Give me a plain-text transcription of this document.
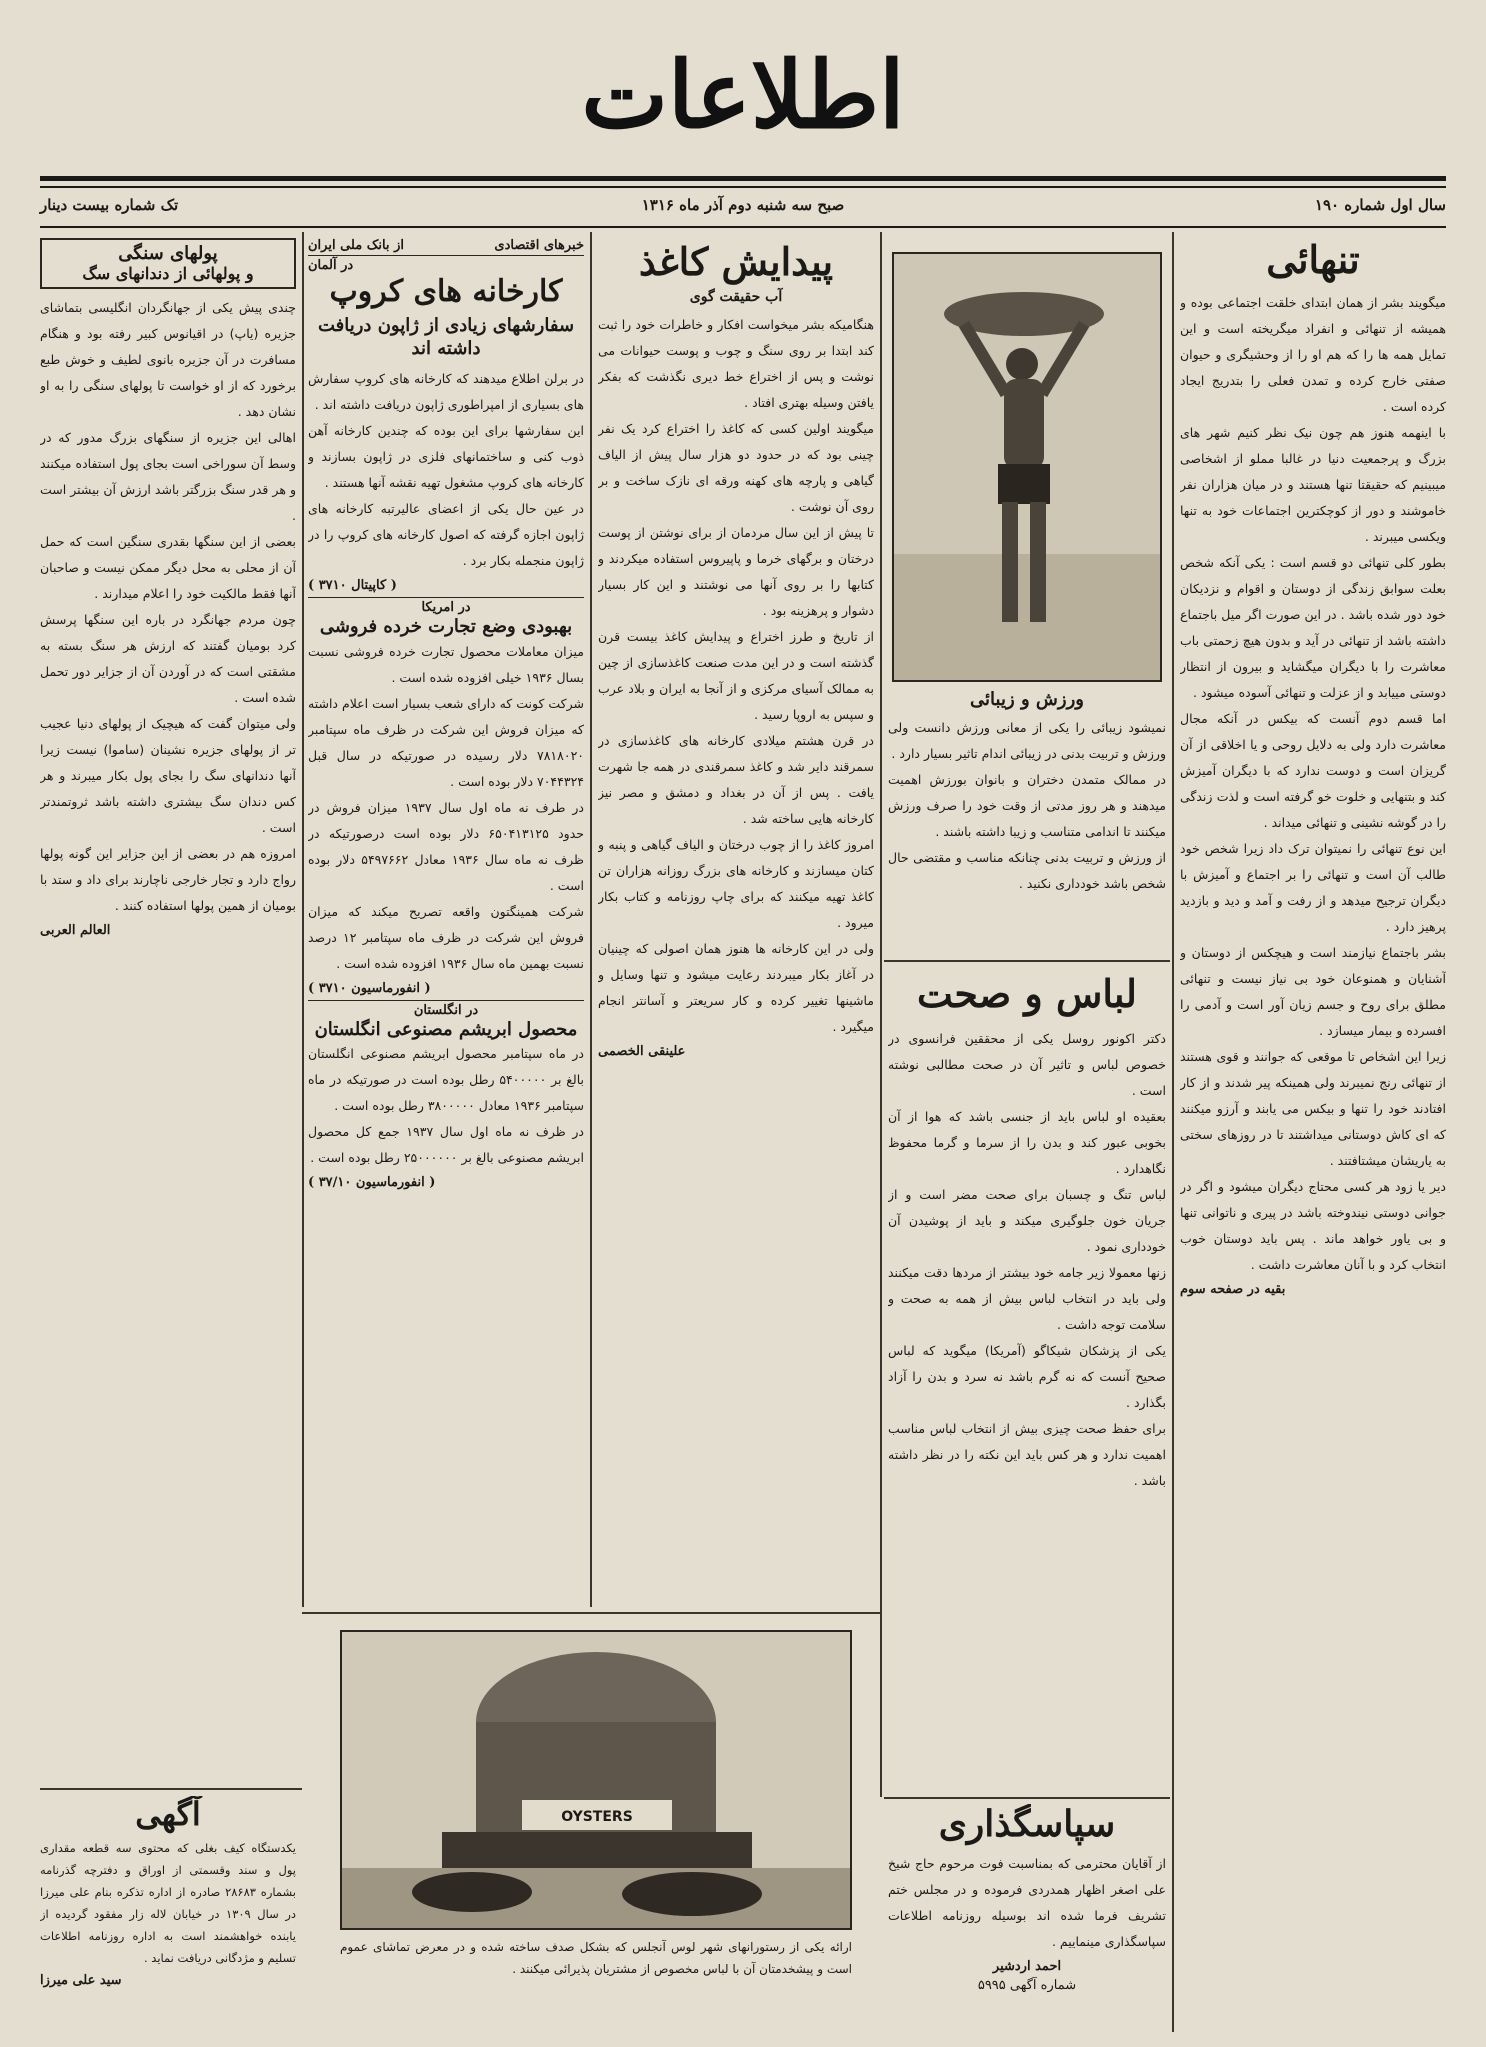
اطلاعات
سال اول شماره ۱۹۰
صبح سه شنبه دوم آذر ماه ۱۳۱۶
تک شماره بیست دینار
تنهائی
میگویند بشر از همان ابتدای خلقت اجتماعی بوده و همیشه از تنهائی و انفراد میگریخته است و این تمایل همه ها را که هم او را از وحشیگری و حیوان صفتی خارج کرده و تمدن فعلی را بتدریج ایجاد کرده است .
با اینهمه هنوز هم چون نیک نظر کنیم شهر های بزرگ و پرجمعیت دنیا در غالبا مملو از اشخاصی میبینیم که حقیقتا تنها هستند و در میان هزاران نفر خاموشند و دور از کوچکترین اجتماعات خود به تنها ویکسی میبرند .
بطور کلی تنهائی دو قسم است : یکی آنکه شخص بعلت سوابق زندگی از دوستان و اقوام و نزدیکان خود دور شده باشد . در این صورت اگر میل باجتماع داشته باشد از تنهائی در آید و بدون هیچ زحمتی باب معاشرت را با دیگران میگشاید و بیرون از انتظار دوستی مییابد و از عزلت و تنهائی آسوده میشود .
اما قسم دوم آنست که بیکس در آنکه مجال معاشرت دارد ولی به دلایل روحی و یا اخلاقی از آن گریزان است و دوست ندارد که با دیگران آمیزش کند و بتنهایی و خلوت خو گرفته است و لذت زندگی را در گوشه نشینی و تنهائی میداند .
این نوع تنهائی را نمیتوان ترک داد زیرا شخص خود طالب آن است و تنهائی را بر اجتماع و آمیزش با دیگران ترجیح میدهد و از رفت و آمد و دید و بازدید پرهیز دارد .
بشر باجتماع نیازمند است و هیچکس از دوستان و آشنایان و همنوعان خود بی نیاز نیست و تنهائی مطلق برای روح و جسم زیان آور است و آدمی را افسرده و بیمار میسازد .
زیرا این اشخاص تا موقعی که جوانند و قوی هستند از تنهائی رنج نمیبرند ولی همینکه پیر شدند و از کار افتادند خود را تنها و بیکس می یابند و آرزو میکنند که ای کاش دوستانی میداشتند تا در روزهای سختی به یاریشان میشتافتند .
دیر یا زود هر کسی محتاج دیگران میشود و اگر در جوانی دوستی نیندوخته باشد در پیری و ناتوانی تنها و بی یاور خواهد ماند . پس باید دوستان خوب انتخاب کرد و با آنان معاشرت داشت .
بقیه در صفحه سوم
ورزش و زیبائی
نمیشود زیبائی را یکی از معانی ورزش دانست ولی ورزش و تربیت بدنی در زیبائی اندام تاثیر بسیار دارد .
در ممالک متمدن دختران و بانوان بورزش اهمیت میدهند و هر روز مدتی از وقت خود را صرف ورزش میکنند تا اندامی متناسب و زیبا داشته باشند .
از ورزش و تربیت بدنی چنانکه مناسب و مقتضی حال شخص باشد خودداری نکنید .
لباس و صحت
دکتر اکونور روسل یکی از محققین فرانسوی در خصوص لباس و تاثیر آن در صحت مطالبی نوشته است .
بعقیده او لباس باید از جنسی باشد که هوا از آن بخوبی عبور کند و بدن را از سرما و گرما محفوظ نگاهدارد .
لباس تنگ و چسبان برای صحت مضر است و از جریان خون جلوگیری میکند و باید از پوشیدن آن خودداری نمود .
زنها معمولا زیر جامه خود بیشتر از مردها دقت میکنند ولی باید در انتخاب لباس بیش از همه به صحت و سلامت توجه داشت .
یکی از پزشکان شیکاگو (آمریکا) میگوید که لباس صحیح آنست که نه گرم باشد نه سرد و بدن را آزاد بگذارد .
برای حفظ صحت چیزی بیش از انتخاب لباس مناسب اهمیت ندارد و هر کس باید این نکته را در نظر داشته باشد .
سپاسگذاری
از آقایان محترمی که بمناسبت فوت مرحوم حاج شیخ علی اصغر اظهار همدردی فرموده و در مجلس ختم تشریف فرما شده اند بوسیله روزنامه اطلاعات سپاسگذاری مینماییم .
احمد اردشیر
شماره آگهی ۵۹۹۵
پیدایش کاغذ
آب حقیقت گوی
هنگامیکه بشر میخواست افکار و خاطرات خود را ثبت کند ابتدا بر روی سنگ و چوب و پوست حیوانات می نوشت و پس از اختراع خط دیری نگذشت که بفکر یافتن وسیله بهتری افتاد .
میگویند اولین کسی که کاغذ را اختراع کرد یک نفر چینی بود که در حدود دو هزار سال پیش از الیاف گیاهی و پارچه های کهنه ورقه ای نازک ساخت و بر روی آن نوشت .
تا پیش از این سال مردمان از برای نوشتن از پوست درختان و برگهای خرما و پاپیروس استفاده میکردند و کتابها را بر روی آنها می نوشتند و این کار بسیار دشوار و پرهزینه بود .
از تاریخ و طرز اختراع و پیدایش کاغذ بیست قرن گذشته است و در این مدت صنعت کاغذسازی از چین به ممالک آسیای مرکزی و از آنجا به ایران و بلاد عرب و سپس به اروپا رسید .
در قرن هشتم میلادی کارخانه های کاغذسازی در سمرقند دایر شد و کاغذ سمرقندی در همه جا شهرت یافت . پس از آن در بغداد و دمشق و مصر نیز کارخانه هایی ساخته شد .
امروز کاغذ را از چوب درختان و الیاف گیاهی و پنبه و کتان میسازند و کارخانه های بزرگ روزانه هزاران تن کاغذ تهیه میکنند که برای چاپ روزنامه و کتاب بکار میرود .
ولی در این کارخانه ها هنوز همان اصولی که چینیان در آغاز بکار میبردند رعایت میشود و تنها وسایل و ماشینها تغییر کرده و کار سریعتر و آسانتر انجام میگیرد .
علینقی الخصمی
خبرهای اقتصادی
از بانک ملی ایران
در آلمان
کارخانه های کروپ
سفارشهای زیادی از ژاپون دریافت داشته اند
در برلن اطلاع میدهند که کارخانه های کروپ سفارش های بسیاری از امپراطوری ژاپون دریافت داشته اند .
این سفارشها برای این بوده که چندین کارخانه آهن ذوب کنی و ساختمانهای فلزی در ژاپون بسازند و کارخانه های کروپ مشغول تهیه نقشه آنها هستند .
در عین حال یکی از اعضای عالیرتبه کارخانه های ژاپون اجازه گرفته که اصول کارخانه های کروپ را در ژاپون منجمله بکار برد .
( کاپیتال ۳۷۱۰ )
در امریکا
بهبودی وضع تجارت خرده فروشی
میزان معاملات محصول تجارت خرده فروشی نسبت بسال ۱۹۳۶ خیلی افزوده شده است .
شرکت کونت که دارای شعب بسیار است اعلام داشته که میزان فروش این شرکت در ظرف ماه سپتامبر ۷۸۱۸۰۲۰ دلار رسیده در صورتیکه در سال قبل ۷۰۴۴۳۲۴ دلار بوده است .
در طرف نه ماه اول سال ۱۹۳۷ میزان فروش در حدود ۶۵۰۴۱۳۱۲۵ دلار بوده است درصورتیکه در ظرف نه ماه سال ۱۹۳۶ معادل ۵۴۹۷۶۶۲ دلار بوده است .
شرکت همینگتون واقعه تصریح میکند که میزان فروش این شرکت در ظرف ماه سپتامبر ۱۲ درصد نسبت بهمین ماه سال ۱۹۳۶ افزوده شده است .
( انفورماسیون ۳۷۱۰ )
در انگلستان
محصول ابریشم مصنوعی انگلستان
در ماه سپتامبر محصول ابریشم مصنوعی انگلستان بالغ بر ۵۴۰۰۰۰۰ رطل بوده است در صورتیکه در ماه سپتامبر ۱۹۳۶ معادل ۳۸۰۰۰۰۰ رطل بوده است .
در ظرف نه ماه اول سال ۱۹۳۷ جمع کل محصول ابریشم مصنوعی بالغ بر ۲۵۰۰۰۰۰۰ رطل بوده است .
( انفورماسیون ۳۷/۱۰ )
پولهای سنگی
و پولهائی از دندانهای سگ
چندی پیش یکی از جهانگردان انگلیسی بتماشای جزیره (یاپ) در اقیانوس کبیر رفته بود و هنگام مسافرت در آن جزیره بانوی لطیف و خوش طبع برخورد که از او خواست تا پولهای سنگی را به او نشان دهد .
اهالی این جزیره از سنگهای بزرگ مدور که در وسط آن سوراخی است بجای پول استفاده میکنند و هر قدر سنگ بزرگتر باشد ارزش آن بیشتر است .
بعضی از این سنگها بقدری سنگین است که حمل آن از محلی به محل دیگر ممکن نیست و صاحبان آنها فقط مالکیت خود را اعلام میدارند .
چون مردم جهانگرد در باره این سنگها پرسش کرد بومیان گفتند که ارزش هر سنگ بسته به مشقتی است که در آوردن آن از جزایر دور تحمل شده است .
ولی میتوان گفت که هیچیک از پولهای دنیا عجیب تر از پولهای جزیره نشینان (ساموا) نیست زیرا آنها دندانهای سگ را بجای پول بکار میبرند و هر کس دندان سگ بیشتری داشته باشد ثروتمندتر است .
امروزه هم در بعضی از این جزایر این گونه پولها رواج دارد و تجار خارجی ناچارند برای داد و ستد با بومیان از همین پولها استفاده کنند .
العالم العربی
OYSTERS
ارائه یکی از رستورانهای شهر لوس آنجلس که بشکل صدف ساخته شده و در معرض تماشای عموم است و پیشخدمتان آن با لباس مخصوص از مشتریان پذیرائی میکنند .
آگهی
یکدستگاه کیف بغلی که محتوی سه قطعه مقداری پول و سند وقسمتی از اوراق و دفترچه گذرنامه بشماره ۲۸۶۸۳ صادره از اداره تذکره بنام علی میرزا در سال ۱۳۰۹ در خیابان لاله زار مفقود گردیده از یابنده خواهشمند است به اداره روزنامه اطلاعات تسلیم و مژدگانی دریافت نماید .
سید علی میرزا
